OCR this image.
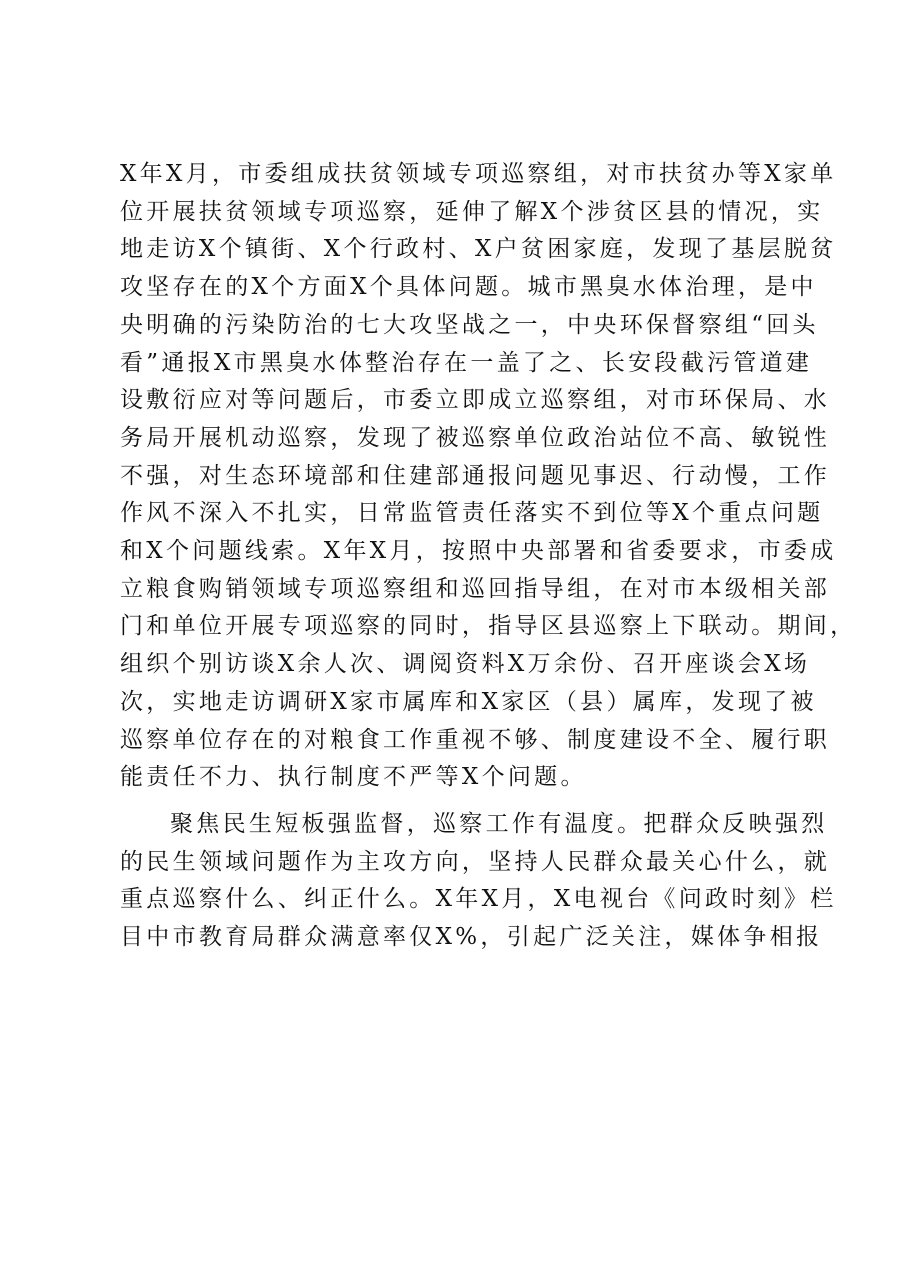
X年X月，市委组成扶贫领域专项巡察组，对市扶贫办等X家单
位开展扶贫领域专项巡察，延伸了解X个涉贫区县的情况，实
地走访X个镇街、X个行政村、X户贫困家庭，发现了基层脱贫
攻坚存在的X个方面X个具体问题。城市黑臭水体治理，是中
央明确的污染防治的七大攻坚战之一，中央环保督察组“回头
看”通报X市黑臭水体整治存在一盖了之、长安段截污管道建
设敷衍应对等问题后，市委立即成立巡察组，对市环保局、水
务局开展机动巡察，发现了被巡察单位政治站位不高、敏锐性
不强，对生态环境部和住建部通报问题见事迟、行动慢，工作
作风不深入不扎实，日常监管责任落实不到位等X个重点问题
和X个问题线索。X年X月，按照中央部署和省委要求，市委成
立粮食购销领域专项巡察组和巡回指导组，在对市本级相关部
门和单位开展专项巡察的同时，指导区县巡察上下联动。期间，
组织个别访谈X余人次、调阅资料X万余份、召开座谈会X场
次，实地走访调研X家市属库和X家区（县）属库，发现了被
巡察单位存在的对粮食工作重视不够、制度建设不全、履行职
能责任不力、执行制度不严等X个问题。

聚焦民生短板强监督，巡察工作有温度。把群众反映强烈
的民生领域问题作为主攻方向，坚持人民群众最关心什么，就
重点巡察什么、纠正什么。X年X月，X电视台《问政时刻》栏
目中市教育局群众满意率仅X%，引起广泛关注，媒体争相报
